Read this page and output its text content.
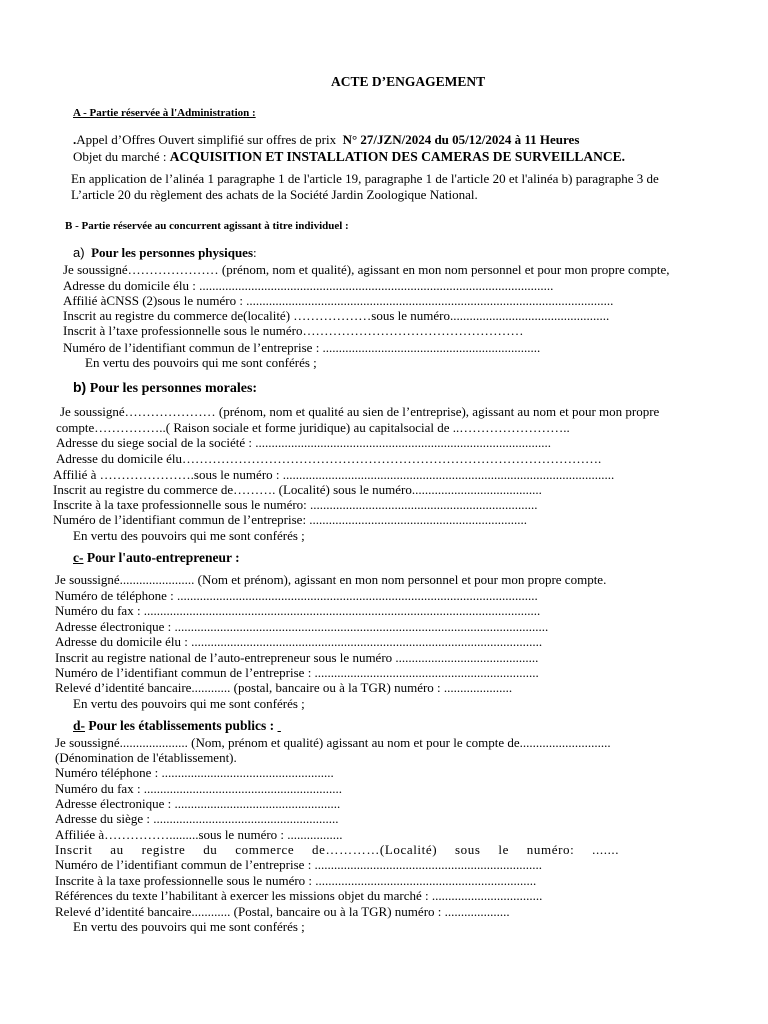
ACTE D’ENGAGEMENT
A - Partie réservée à l'Administration :
.Appel d’Offres Ouvert simplifié sur offres de prix N° 27/JZN/2024 du 05/12/2024 à 11 Heures
Objet du marché : ACQUISITION ET INSTALLATION DES CAMERAS DE SURVEILLANCE.
En application de l’alinéa 1 paragraphe 1 de l'article 19, paragraphe 1 de l'article 20 et l'alinéa b) paragraphe 3 de
L’article 20 du règlement des achats de la Société Jardin Zoologique National.
B - Partie réservée au concurrent agissant à titre individuel :
a) Pour les personnes physiques:
Je soussigné………………… (prénom, nom et qualité), agissant en mon nom personnel et pour mon propre compte,
Adresse du domicile élu : .............................................................................................................
Affilié àCNSS (2)sous le numéro : .................................................................................................................
Inscrit au registre du commerce de(localité) ………………sous le numéro.................................................
Inscrit à l’taxe professionnelle sous le numéro……………………………………………
Numéro de l’identifiant commun de l’entreprise : ...................................................................
En vertu des pouvoirs qui me sont conférés ;
b) Pour les personnes morales:
Je soussigné………………… (prénom, nom et qualité au sien de l’entreprise), agissant au nom et pour mon propre
compte……………..( Raison sociale et forme juridique) au capitalsocial de ..……………………..
Adresse du siege social de la société : ...........................................................................................
Adresse du domicile élu…………………………………………………………………………………….
Affilié à ………………….sous le numéro : ......................................................................................................
Inscrit au registre du commerce de………. (Localité) sous le numéro........................................
Inscrite à la taxe professionnelle sous le numéro: ......................................................................
Numéro de l’identifiant commun de l’entreprise: ...................................................................
En vertu des pouvoirs qui me sont conférés ;
c- Pour l'auto-entrepreneur :
Je soussigné....................... (Nom et prénom), agissant en mon nom personnel et pour mon propre compte.
Numéro de téléphone : ...............................................................................................................
Numéro du fax : ..........................................................................................................................
Adresse électronique : ...................................................................................................................
Adresse du domicile élu : ............................................................................................................
Inscrit au registre national de l’auto-entrepreneur sous le numéro ............................................
Numéro de l’identifiant commun de l’entreprise : .....................................................................
Relevé d’identité bancaire............ (postal, bancaire ou à la TGR) numéro : .....................
En vertu des pouvoirs qui me sont conférés ;
d- Pour les établissements publics :
Je soussigné..................... (Nom, prénom et qualité) agissant au nom et pour le compte de............................
(Dénomination de l'établissement).
Numéro téléphone : .....................................................
Numéro du fax : .............................................................
Adresse électronique : ...................................................
Adresse du siège : .........................................................
Affiliée à…………….........sous le numéro : .................
Inscrit au registre du commerce de…………(Localité) sous le numéro: .......
Numéro de l’identifiant commun de l’entreprise : ......................................................................
Inscrite à la taxe professionnelle sous le numéro : ....................................................................
Références du texte l’habilitant à exercer les missions objet du marché : ..................................
Relevé d’identité bancaire............ (Postal, bancaire ou à la TGR) numéro : ....................
En vertu des pouvoirs qui me sont conférés ;
